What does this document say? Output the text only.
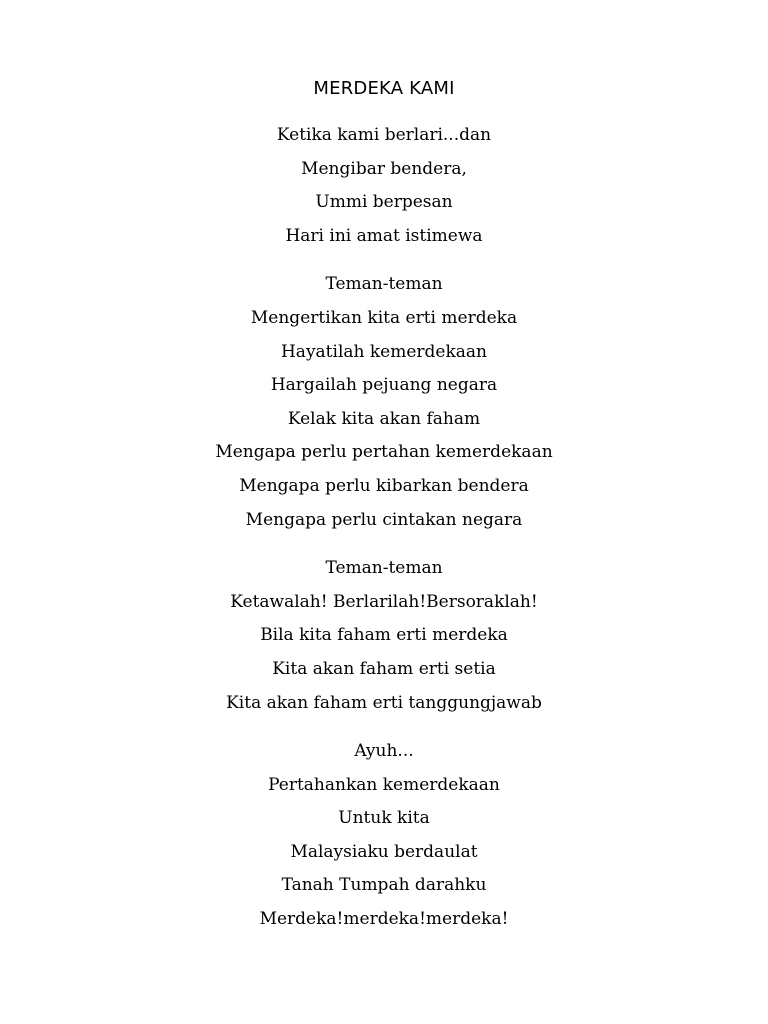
MERDEKA KAMI
Ketika kami berlari...dan
Mengibar bendera,
Ummi berpesan
Hari ini amat istimewa
Teman-teman
Mengertikan kita erti merdeka
Hayatilah kemerdekaan
Hargailah pejuang negara
Kelak kita akan faham
Mengapa perlu pertahan kemerdekaan
Mengapa perlu kibarkan bendera
Mengapa perlu cintakan negara
Teman-teman
Ketawalah! Berlarilah!Bersoraklah!
Bila kita faham erti merdeka
Kita akan faham erti setia
Kita akan faham erti tanggungjawab
Ayuh...
Pertahankan kemerdekaan
Untuk kita
Malaysiaku berdaulat
Tanah Tumpah darahku
Merdeka!merdeka!merdeka!
